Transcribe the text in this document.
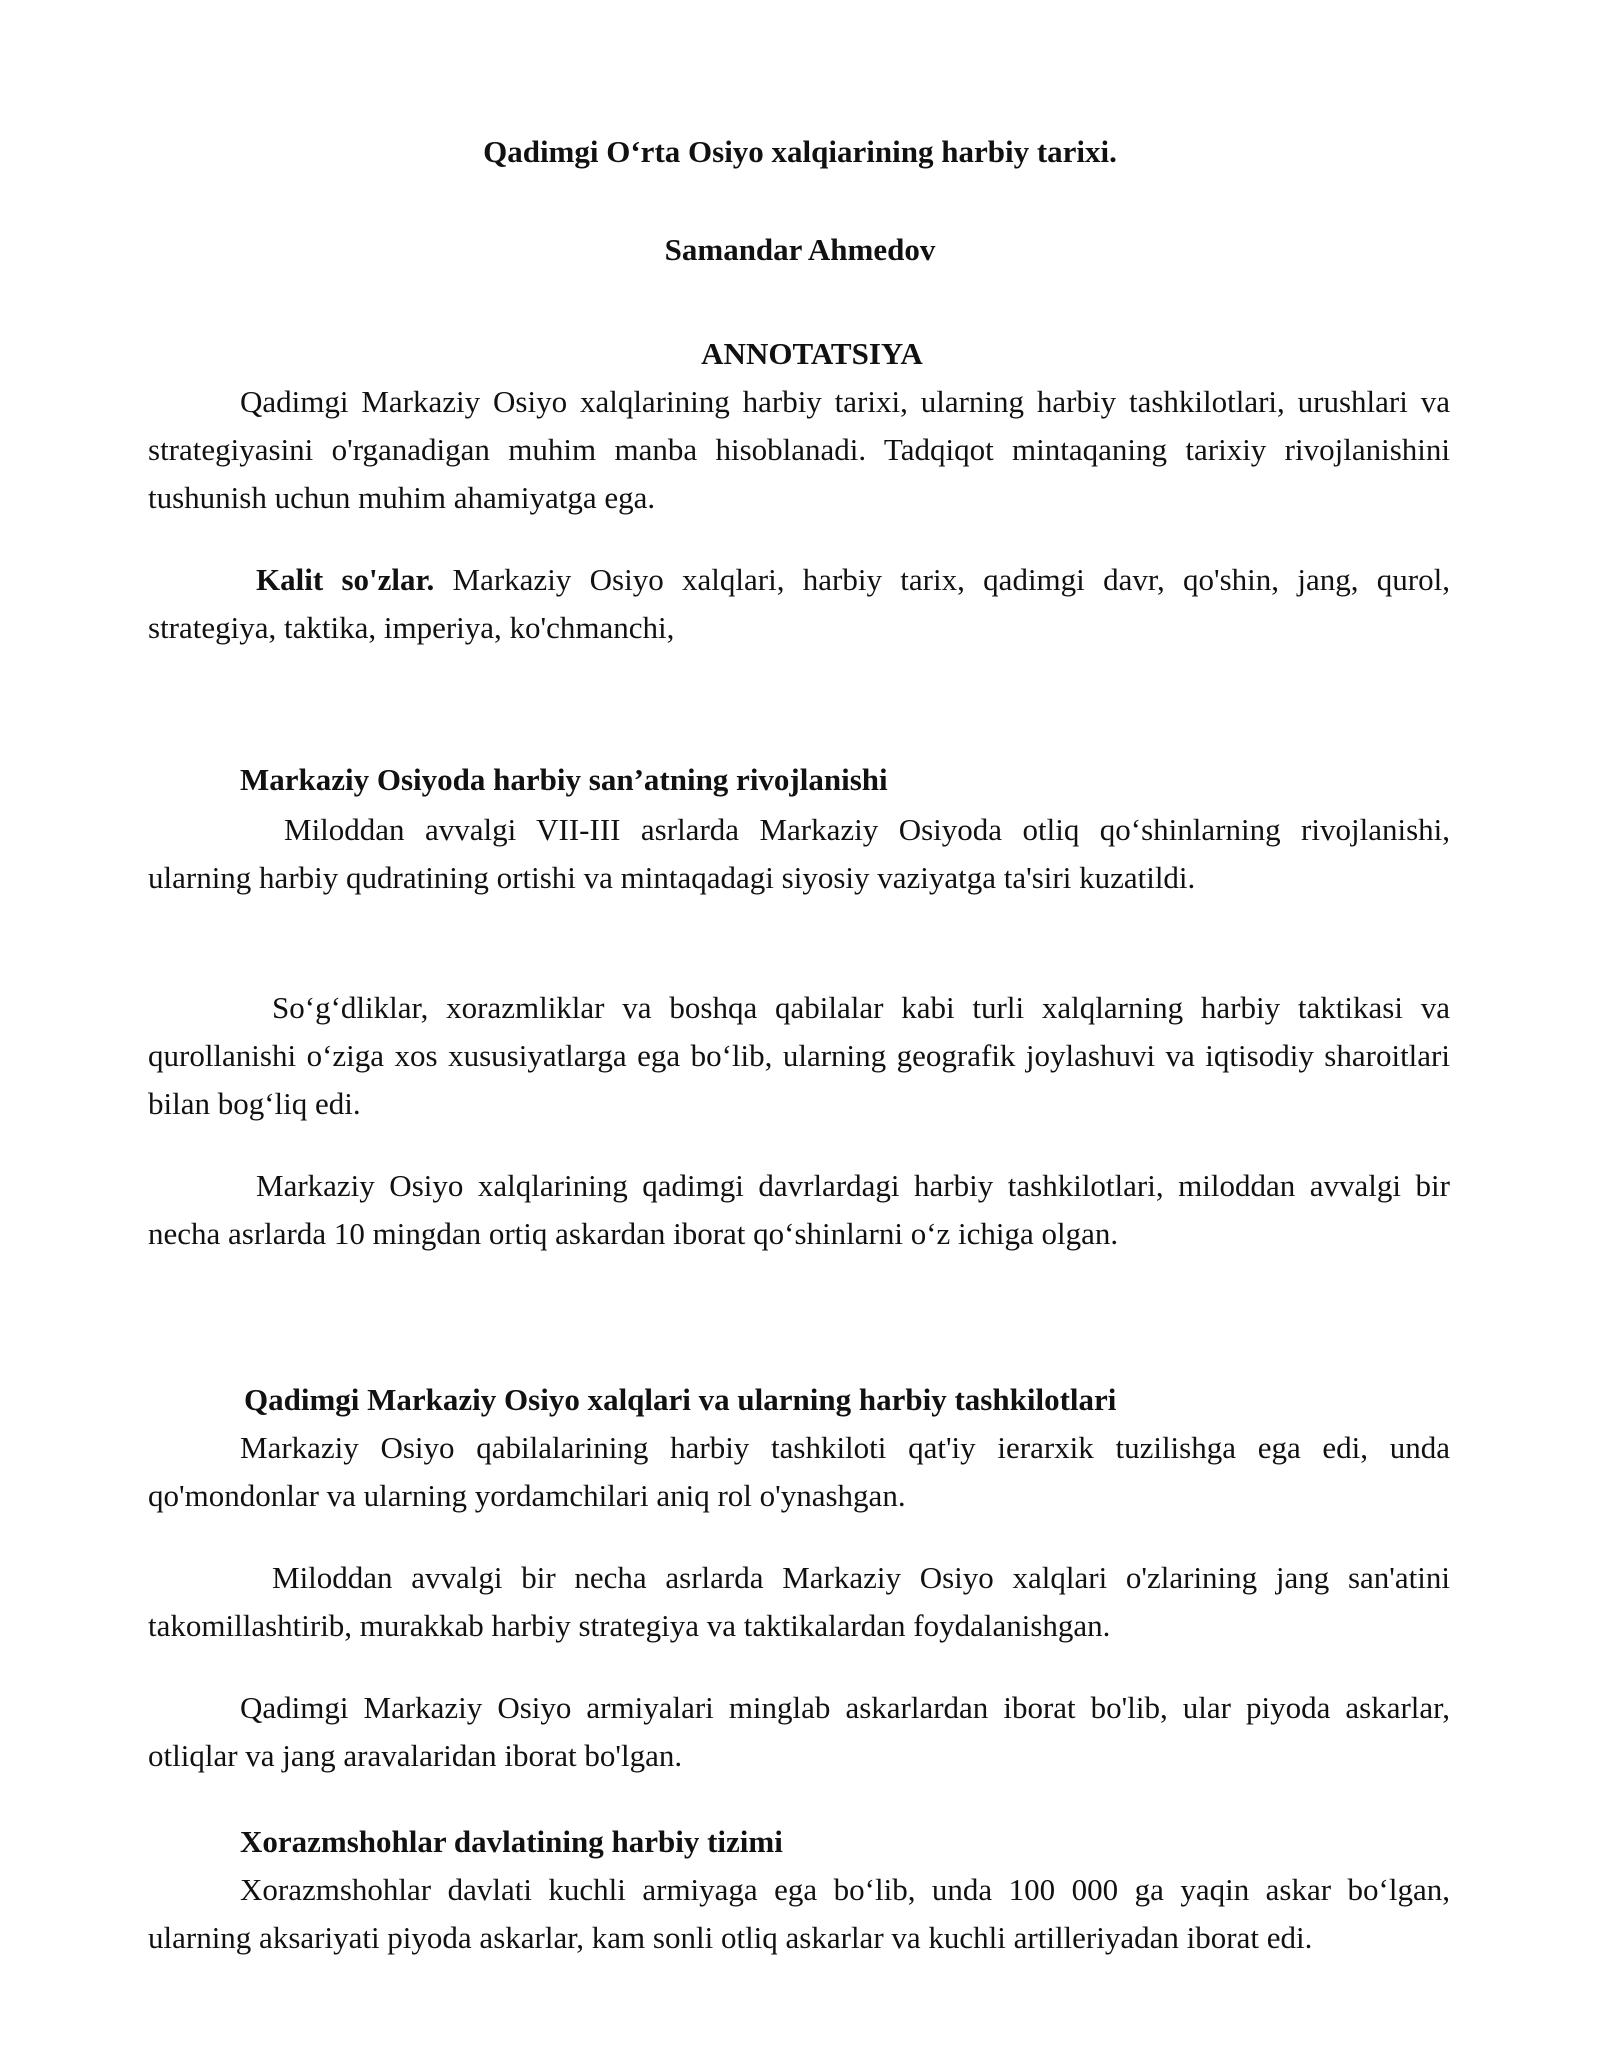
Qadimgi O‘rta Osiyo xalqiarining harbiy tarixi.
Samandar Ahmedov
ANNOTATSIYA
Qadimgi Markaziy Osiyo xalqlarining harbiy tarixi, ularning harbiy tashkilotlari, urushlari va strategiyasini o'rganadigan muhim manba hisoblanadi. Tadqiqot mintaqaning tarixiy rivojlanishini tushunish uchun muhim ahamiyatga ega.
Kalit so'zlar. Markaziy Osiyo xalqlari, harbiy tarix, qadimgi davr, qo'shin, jang, qurol, strategiya, taktika, imperiya, ko'chmanchi,
Markaziy Osiyoda harbiy san’atning rivojlanishi
Miloddan avvalgi VII-III asrlarda Markaziy Osiyoda otliq qo‘shinlarning rivojlanishi, ularning harbiy qudratining ortishi va mintaqadagi siyosiy vaziyatga ta'siri kuzatildi.
So‘g‘dliklar, xorazmliklar va boshqa qabilalar kabi turli xalqlarning harbiy taktikasi va qurollanishi o‘ziga xos xususiyatlarga ega bo‘lib, ularning geografik joylashuvi va iqtisodiy sharoitlari bilan bog‘liq edi.
Markaziy Osiyo xalqlarining qadimgi davrlardagi harbiy tashkilotlari, miloddan avvalgi bir necha asrlarda 10 mingdan ortiq askardan iborat qo‘shinlarni o‘z ichiga olgan.
Qadimgi Markaziy Osiyo xalqlari va ularning harbiy tashkilotlari
Markaziy Osiyo qabilalarining harbiy tashkiloti qat'iy ierarxik tuzilishga ega edi, unda qo'mondonlar va ularning yordamchilari aniq rol o'ynashgan.
Miloddan avvalgi bir necha asrlarda Markaziy Osiyo xalqlari o'zlarining jang san'atini takomillashtirib, murakkab harbiy strategiya va taktikalardan foydalanishgan.
Qadimgi Markaziy Osiyo armiyalari minglab askarlardan iborat bo'lib, ular piyoda askarlar, otliqlar va jang aravalaridan iborat bo'lgan.
Xorazmshohlar davlatining harbiy tizimi
Xorazmshohlar davlati kuchli armiyaga ega bo‘lib, unda 100 000 ga yaqin askar bo‘lgan, ularning aksariyati piyoda askarlar, kam sonli otliq askarlar va kuchli artilleriyadan iborat edi.
